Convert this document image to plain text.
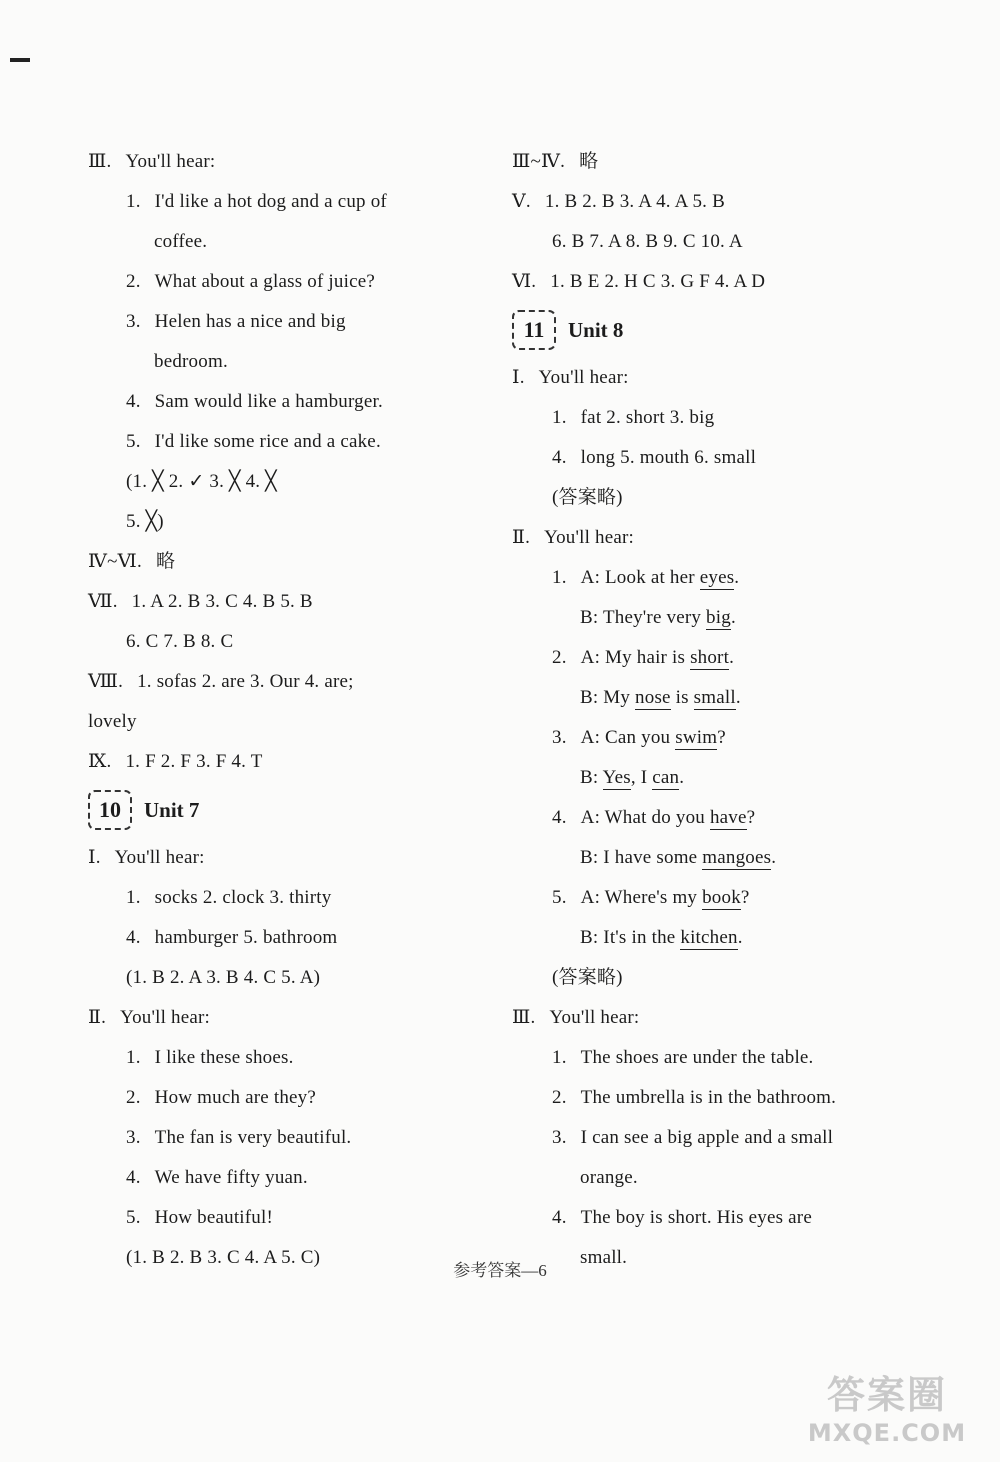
Ⅲ. You'll hear:
1. I'd like a hot dog and a cup of
coffee.
2. What about a glass of juice?
3. Helen has a nice and big
bedroom.
4. Sam would like a hamburger.
5. I'd like some rice and a cake.
(1. ╳ 2. ✓ 3. ╳ 4. ╳
5. ╳)
Ⅳ~Ⅵ. 略
Ⅶ. 1. A 2. B 3. C 4. B 5. B
6. C 7. B 8. C
Ⅷ. 1. sofas 2. are 3. Our 4. are;
lovely
Ⅸ. 1. F 2. F 3. F 4. T
10	Unit 7
Ⅰ. You'll hear:
1. socks 2. clock 3. thirty
4. hamburger 5. bathroom
(1. B 2. A 3. B 4. C 5. A)
Ⅱ. You'll hear:
1. I like these shoes.
2. How much are they?
3. The fan is very beautiful.
4. We have fifty yuan.
5. How beautiful!
(1. B 2. B 3. C 4. A 5. C)
Ⅲ~Ⅳ. 略
Ⅴ. 1. B 2. B 3. A 4. A 5. B
6. B 7. A 8. B 9. C 10. A
Ⅵ. 1. B E 2. H C 3. G F 4. A D
11	Unit 8
Ⅰ. You'll hear:
1. fat 2. short 3. big
4. long 5. mouth 6. small
(答案略)
Ⅱ. You'll hear:
1. A: Look at her eyes.
B: They're very big.
2. A: My hair is short.
B: My nose is small.
3. A: Can you swim?
B: Yes, I can.
4. A: What do you have?
B: I have some mangoes.
5. A: Where's my book?
B: It's in the kitchen.
(答案略)
Ⅲ. You'll hear:
1. The shoes are under the table.
2. The umbrella is in the bathroom.
3. I can see a big apple and a small
orange.
4. The boy is short. His eyes are
small.
参考答案—6
答案圈
MXQE.COM
